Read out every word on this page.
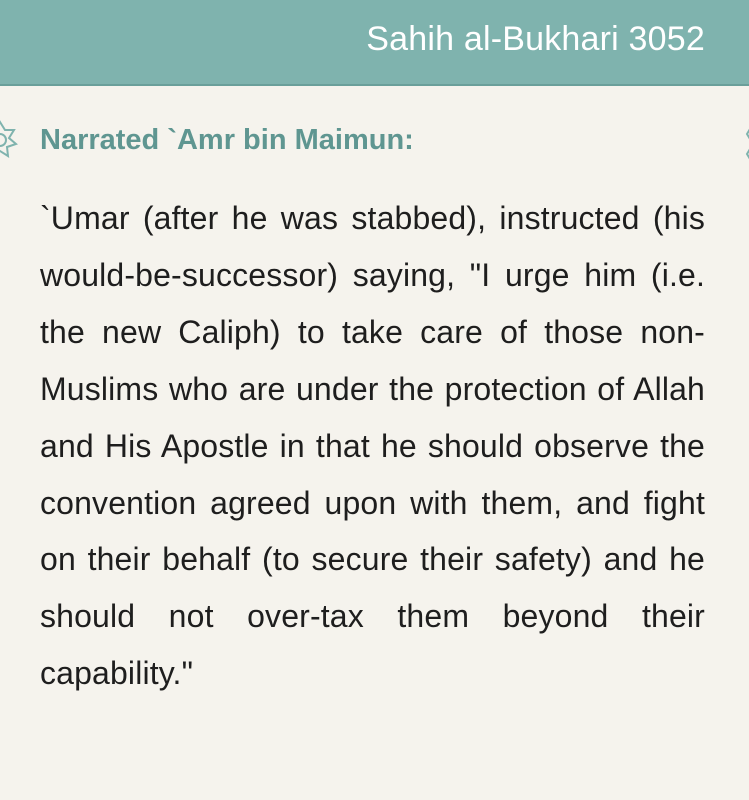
Sahih al-Bukhari 3052
Narrated `Amr bin Maimun:
`Umar (after he was stabbed), instructed (his would-be-successor) saying, "I urge him (i.e. the new Caliph) to take care of those non-Muslims who are under the protection of Allah and His Apostle in that he should observe the convention agreed upon with them, and fight on their behalf (to secure their safety) and he should not over-tax them beyond their capability."
